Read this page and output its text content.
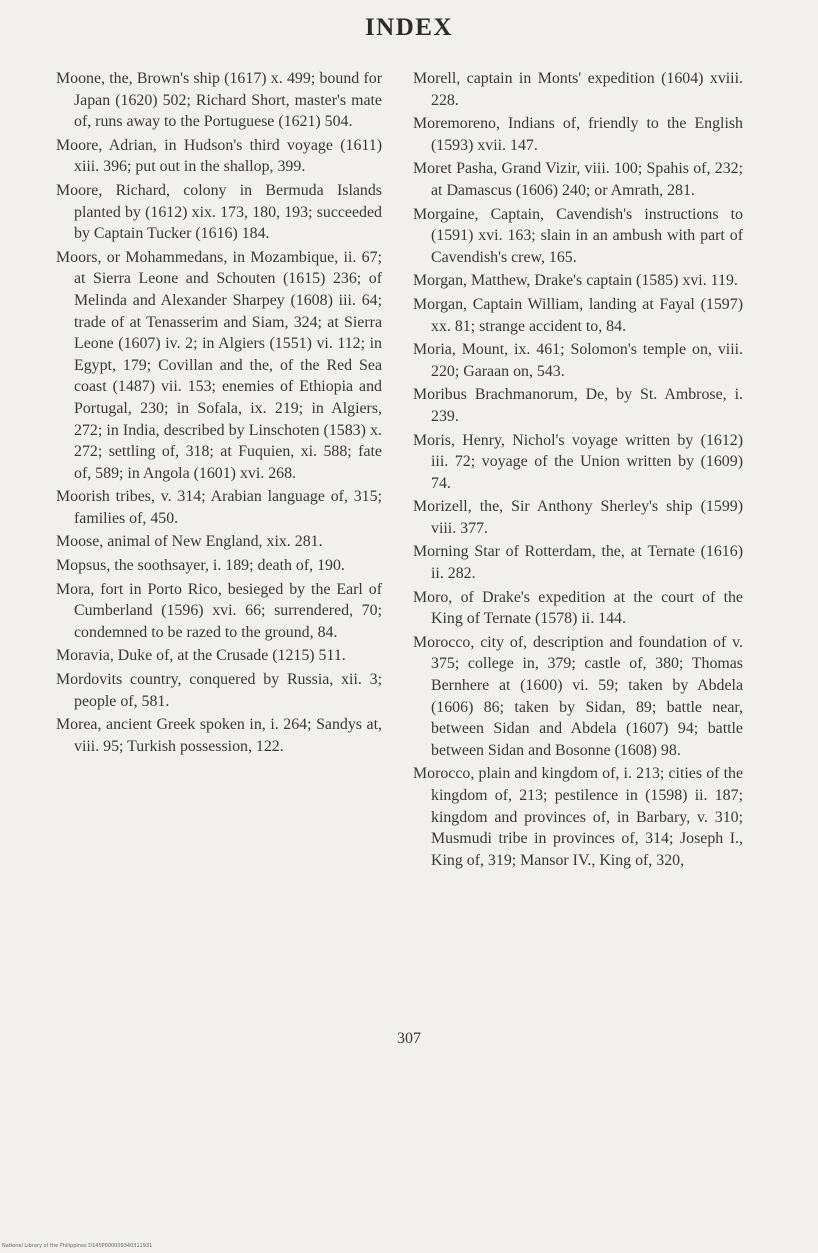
INDEX

Moone, the, Brown's ship (1617) x. 499; bound for Japan (1620) 502; Richard Short, master's mate of, runs away to the Portuguese (1621) 504.

Moore, Adrian, in Hudson's third voyage (1611) xiii. 396; put out in the shallop, 399.

Moore, Richard, colony in Bermuda Islands planted by (1612) xix. 173, 180, 193; succeeded by Captain Tucker (1616) 184.

Moors, or Mohammedans, in Mozambique, ii. 67; at Sierra Leone and Schouten (1615) 236; of Melinda and Alexander Sharpey (1608) iii. 64; trade of at Tenasserim and Siam, 324; at Sierra Leone (1607) iv. 2; in Algiers (1551) vi. 112; in Egypt, 179; Covillan and the, of the Red Sea coast (1487) vii. 153; enemies of Ethiopia and Portugal, 230; in Sofala, ix. 219; in Algiers, 272; in India, described by Linschoten (1583) x. 272; settling of, 318; at Fuquien, xi. 588; fate of, 589; in Angola (1601) xvi. 268.

Moorish tribes, v. 314; Arabian language of, 315; families of, 450.

Moose, animal of New England, xix. 281.

Mopsus, the soothsayer, i. 189; death of, 190.

Mora, fort in Porto Rico, besieged by the Earl of Cumberland (1596) xvi. 66; surrendered, 70; condemned to be razed to the ground, 84.

Moravia, Duke of, at the Crusade (1215) 511.

Mordovits country, conquered by Russia, xii. 3; people of, 581.

Morea, ancient Greek spoken in, i. 264; Sandys at, viii. 95; Turkish possession, 122.

Morell, captain in Monts' expedition (1604) xviii. 228.

Moremoreno, Indians of, friendly to the English (1593) xvii. 147.

Moret Pasha, Grand Vizir, viii. 100; Spahis of, 232; at Damascus (1606) 240; or Amrath, 281.

Morgaine, Captain, Cavendish's instructions to (1591) xvi. 163; slain in an ambush with part of Cavendish's crew, 165.

Morgan, Matthew, Drake's captain (1585) xvi. 119.

Morgan, Captain William, landing at Fayal (1597) xx. 81; strange accident to, 84.

Moria, Mount, ix. 461; Solomon's temple on, viii. 220; Garaan on, 543.

Moribus Brachmanorum, De, by St. Ambrose, i. 239.

Moris, Henry, Nichol's voyage written by (1612) iii. 72; voyage of the Union written by (1609) 74.

Morizell, the, Sir Anthony Sherley's ship (1599) viii. 377.

Morning Star of Rotterdam, the, at Ternate (1616) ii. 282.

Moro, of Drake's expedition at the court of the King of Ternate (1578) ii. 144.

Morocco, city of, description and foundation of v. 375; college in, 379; castle of, 380; Thomas Bernhere at (1600) vi. 59; taken by Abdela (1606) 86; taken by Sidan, 89; battle near, between Sidan and Abdela (1607) 94; battle between Sidan and Bosonne (1608) 98.

Morocco, plain and kingdom of, i. 213; cities of the kingdom of, 213; pestilence in (1598) ii. 187; kingdom and provinces of, in Barbary, v. 310; Musmudi tribe in provinces of, 314; Joseph I., King of, 319; Mansor IV., King of, 320,

307
National Library of the Philippines D145P000009340311931
